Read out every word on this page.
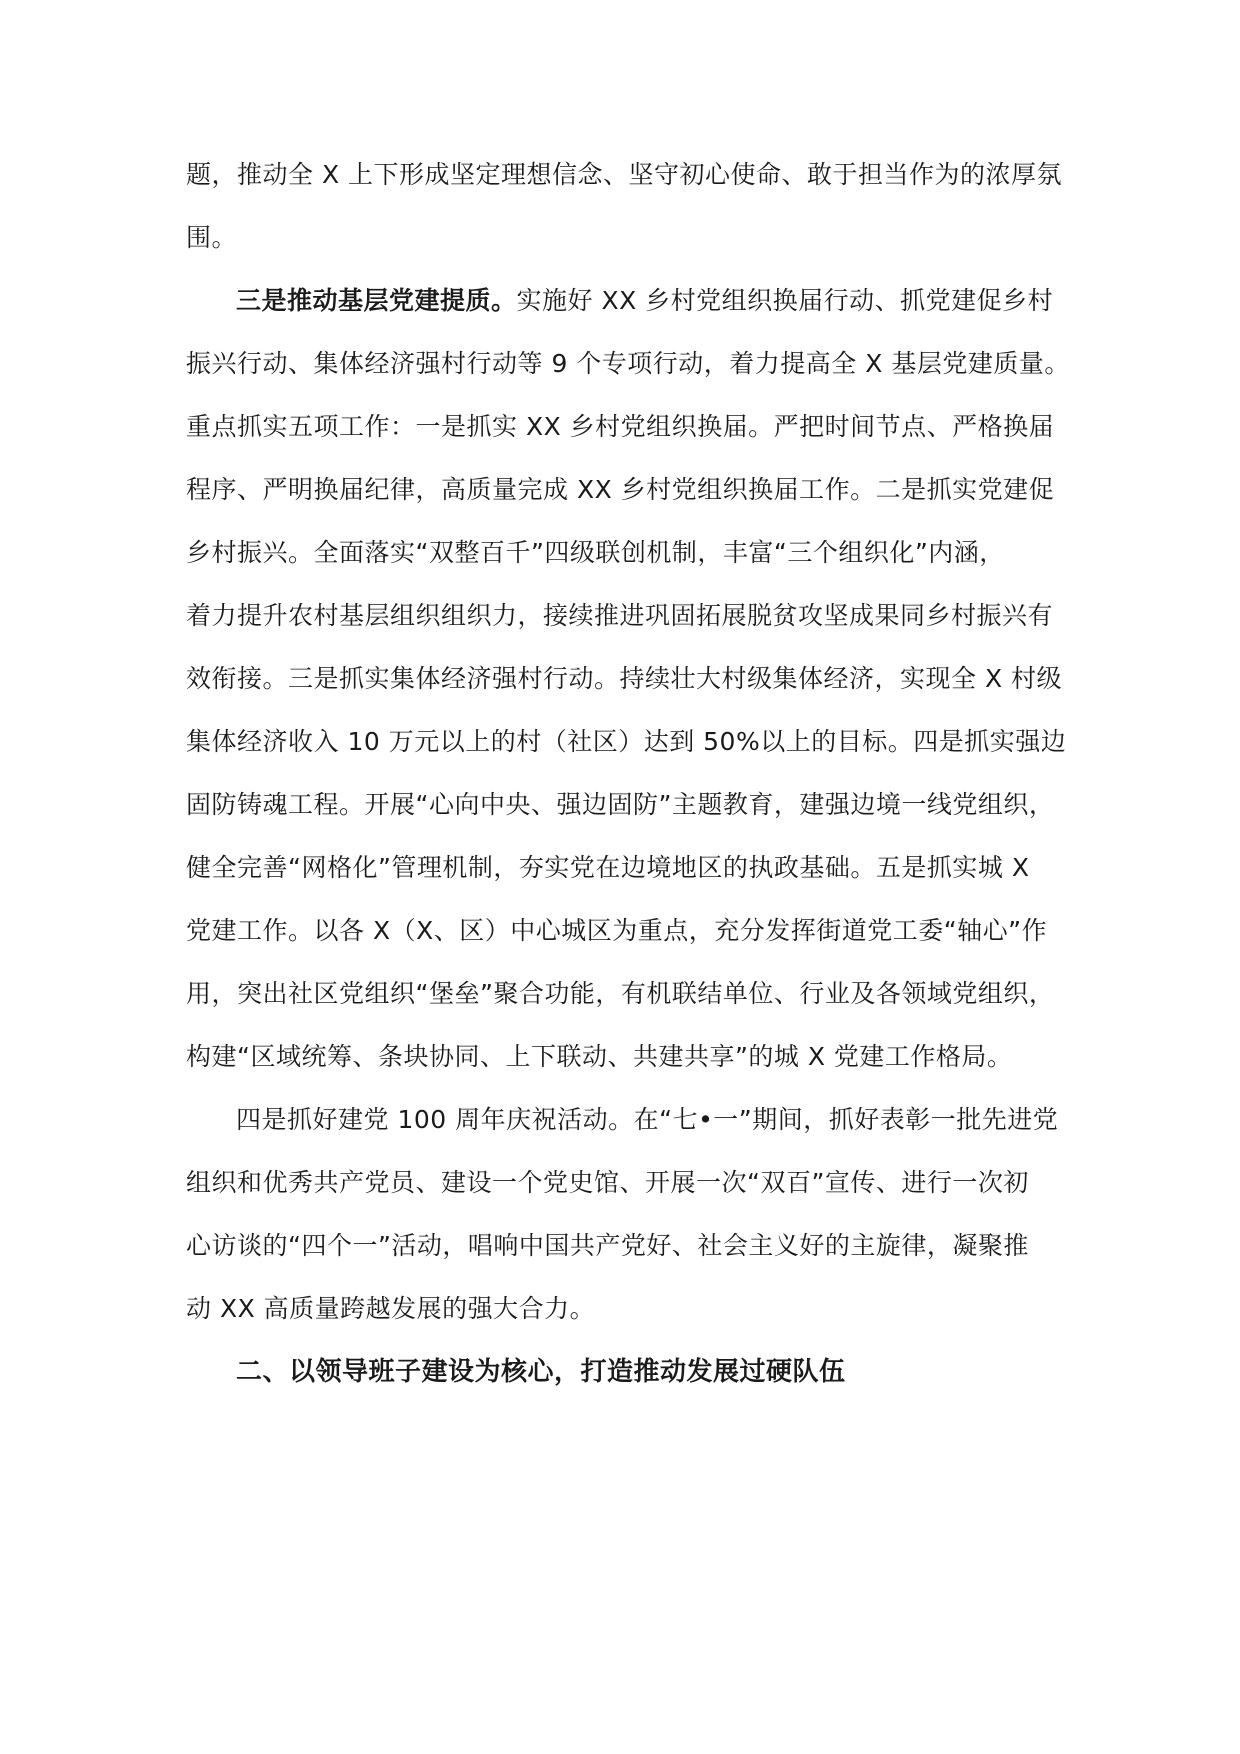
题，推动全 X 上下形成坚定理想信念、坚守初心使命、敢于担当作为的浓厚氛
围。
三是推动基层党建提质。实施好 XX 乡村党组织换届行动、抓党建促乡村
振兴行动、集体经济强村行动等 9 个专项行动，着力提高全 X 基层党建质量。
重点抓实五项工作：一是抓实 XX 乡村党组织换届。严把时间节点、严格换届
程序、严明换届纪律，高质量完成 XX 乡村党组织换届工作。二是抓实党建促
乡村振兴。全面落实“双整百千”四级联创机制，丰富“三个组织化”内涵，
着力提升农村基层组织组织力，接续推进巩固拓展脱贫攻坚成果同乡村振兴有
效衔接。三是抓实集体经济强村行动。持续壮大村级集体经济，实现全 X 村级
集体经济收入 10 万元以上的村（社区）达到 50%以上的目标。四是抓实强边
固防铸魂工程。开展“心向中央、强边固防”主题教育，建强边境一线党组织，
健全完善“网格化”管理机制，夯实党在边境地区的执政基础。五是抓实城 X
党建工作。以各 X（X、区）中心城区为重点，充分发挥街道党工委“轴心”作
用，突出社区党组织“堡垒”聚合功能，有机联结单位、行业及各领域党组织，
构建“区域统筹、条块协同、上下联动、共建共享”的城 X 党建工作格局。
四是抓好建党 100 周年庆祝活动。在“七•一”期间，抓好表彰一批先进党
组织和优秀共产党员、建设一个党史馆、开展一次“双百”宣传、进行一次初
心访谈的“四个一”活动，唱响中国共产党好、社会主义好的主旋律，凝聚推
动 XX 高质量跨越发展的强大合力。
二、以领导班子建设为核心，打造推动发展过硬队伍
